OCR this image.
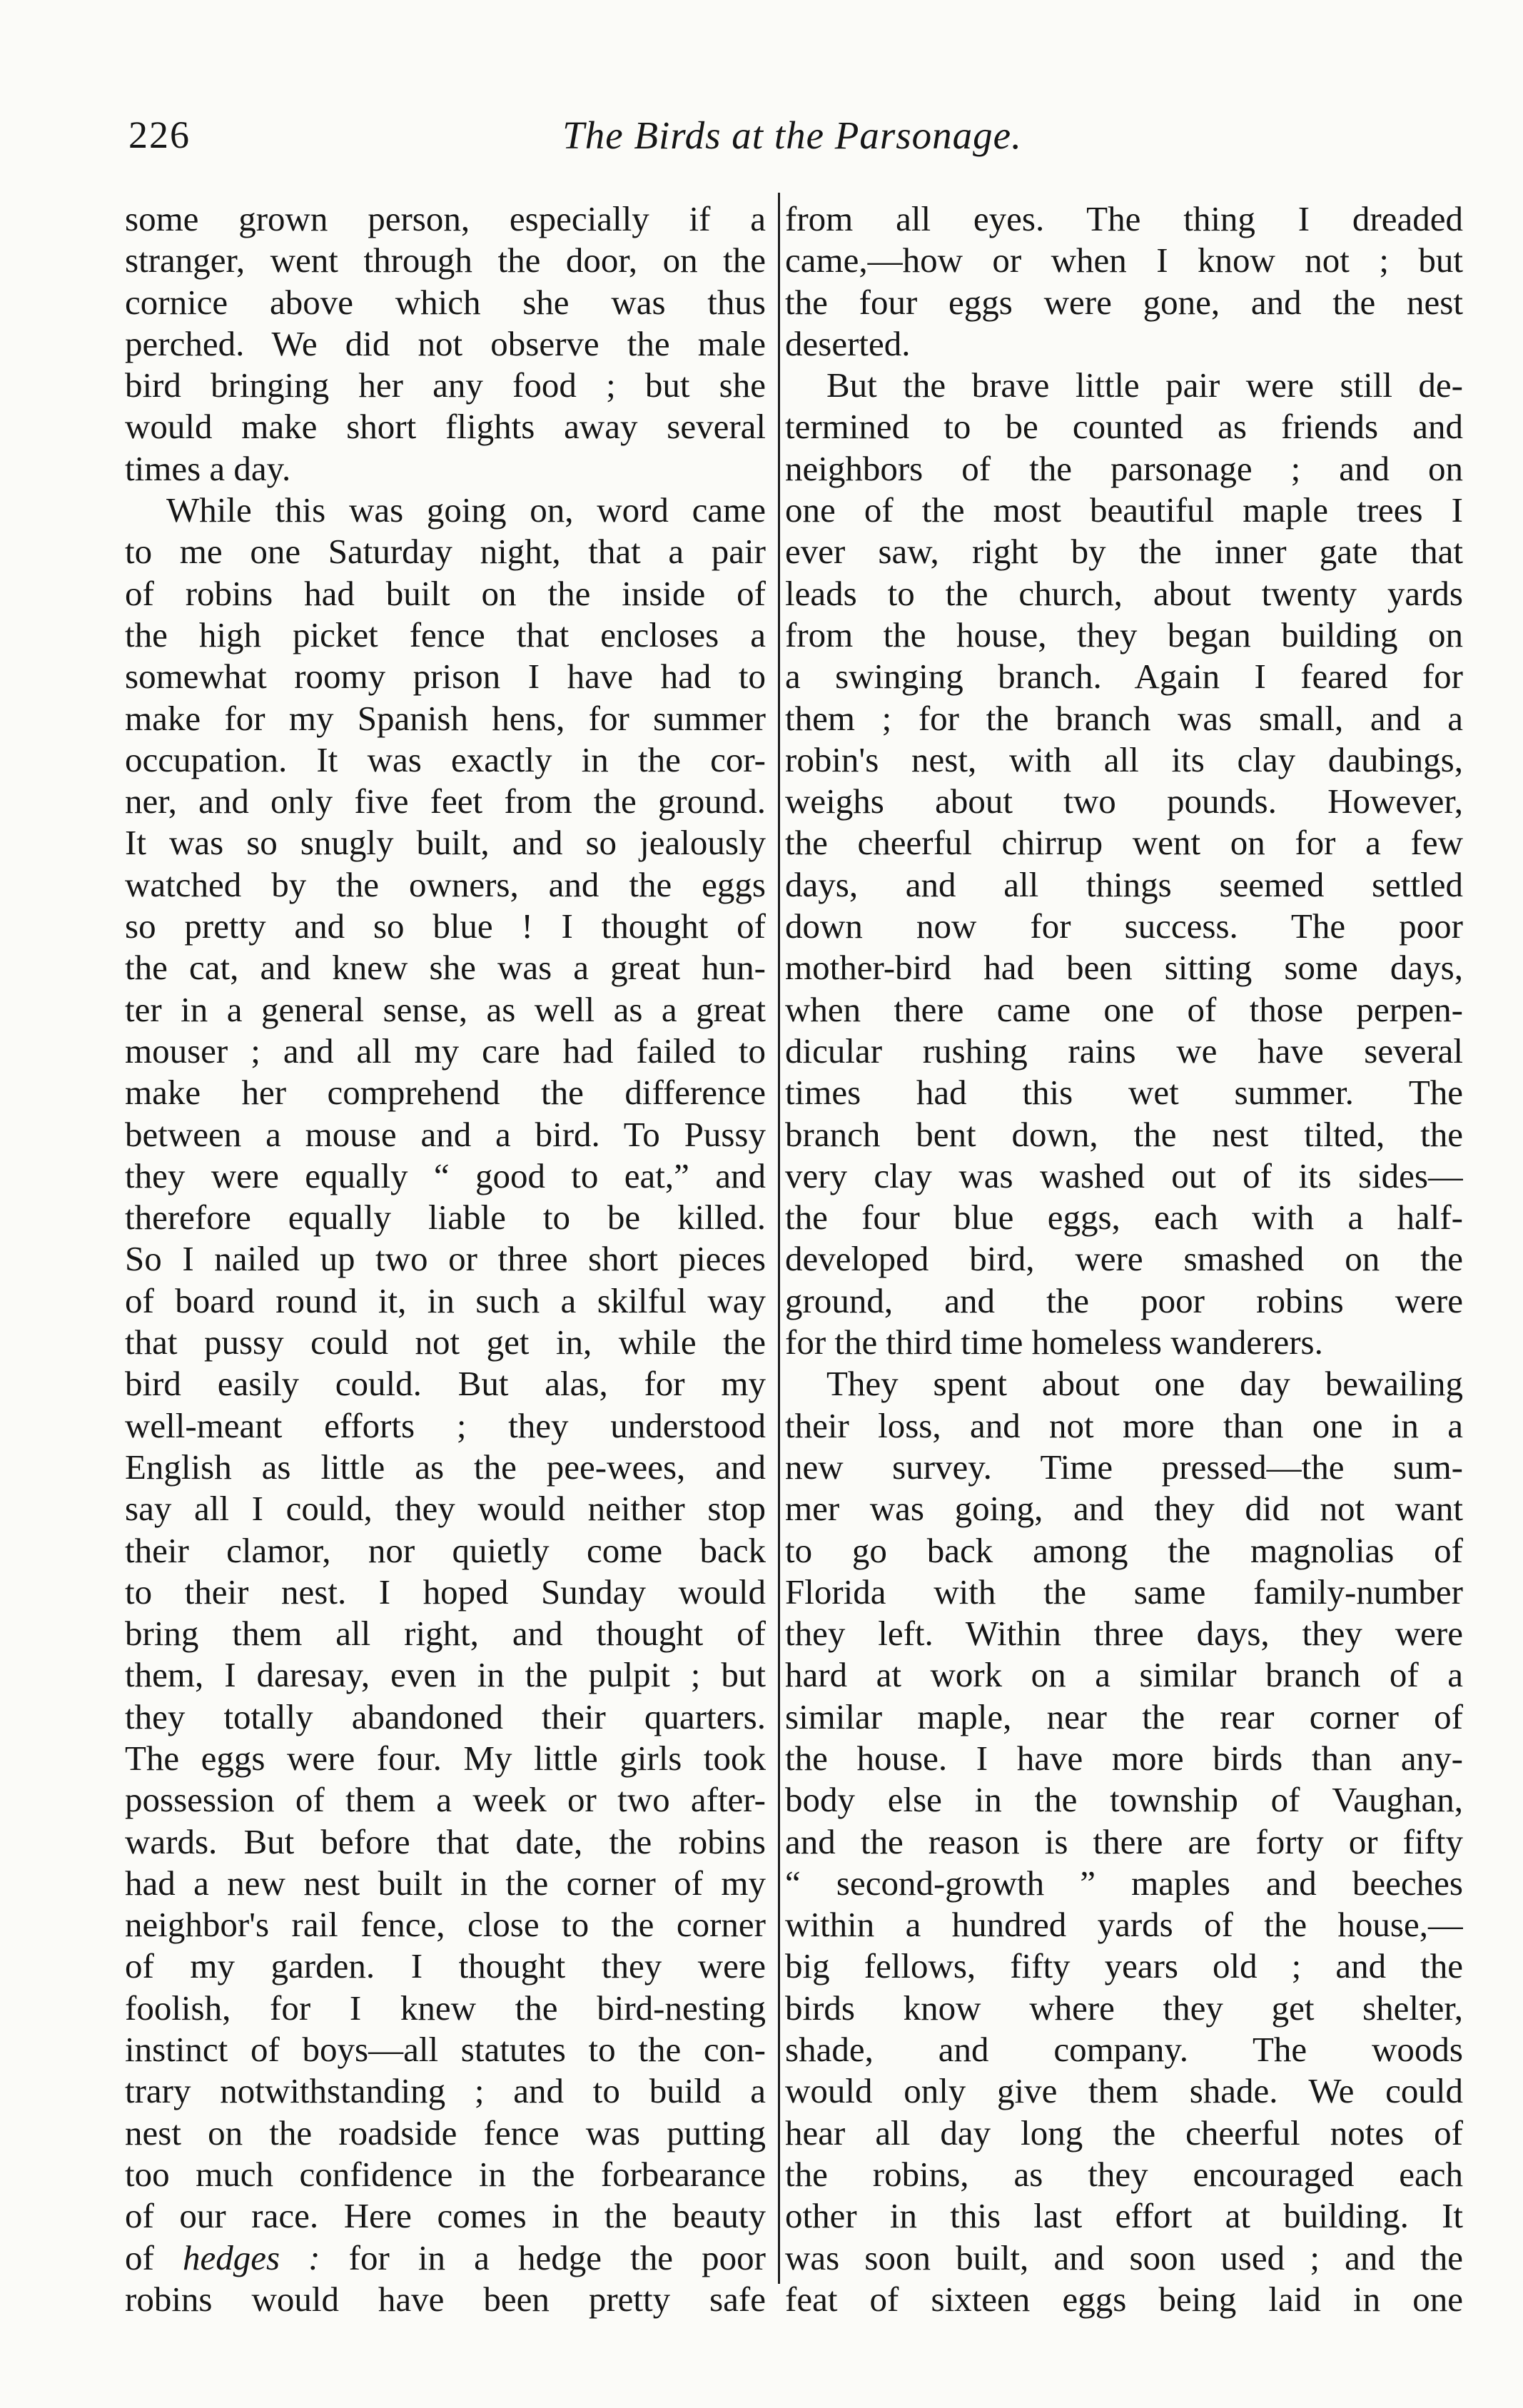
226	The Birds at the Parsonage.
some grown person, especially if a
stranger, went through the door, on the
cornice above which she was thus
perched. We did not observe the male
bird bringing her any food ; but she
would make short flights away several
times a day.
While this was going on, word came
to me one Saturday night, that a pair
of robins had built on the inside of
the high picket fence that encloses a
somewhat roomy prison I have had to
make for my Spanish hens, for summer
occupation. It was exactly in the cor-
ner, and only five feet from the ground.
It was so snugly built, and so jealously
watched by the owners, and the eggs
so pretty and so blue ! I thought of
the cat, and knew she was a great hun-
ter in a general sense, as well as a great
mouser ; and all my care had failed to
make her comprehend the difference
between a mouse and a bird. To Pussy
they were equally “ good to eat,” and
therefore equally liable to be killed.
So I nailed up two or three short pieces
of board round it, in such a skilful way
that pussy could not get in, while the
bird easily could. But alas, for my
well-meant efforts ; they understood
English as little as the pee-wees, and
say all I could, they would neither stop
their clamor, nor quietly come back
to their nest. I hoped Sunday would
bring them all right, and thought of
them, I daresay, even in the pulpit ; but
they totally abandoned their quarters.
The eggs were four. My little girls took
possession of them a week or two after-
wards. But before that date, the robins
had a new nest built in the corner of my
neighbor's rail fence, close to the corner
of my garden. I thought they were
foolish, for I knew the bird-nesting
instinct of boys—all statutes to the con-
trary notwithstanding ; and to build a
nest on the roadside fence was putting
too much confidence in the forbearance
of our race. Here comes in the beauty
of hedges : for in a hedge the poor
robins would have been pretty safe
from all eyes. The thing I dreaded
came,—how or when I know not ; but
the four eggs were gone, and the nest
deserted.
But the brave little pair were still de-
termined to be counted as friends and
neighbors of the parsonage ; and on
one of the most beautiful maple trees I
ever saw, right by the inner gate that
leads to the church, about twenty yards
from the house, they began building on
a swinging branch. Again I feared for
them ; for the branch was small, and a
robin's nest, with all its clay daubings,
weighs about two pounds. However,
the cheerful chirrup went on for a few
days, and all things seemed settled
down now for success. The poor
mother-bird had been sitting some days,
when there came one of those perpen-
dicular rushing rains we have several
times had this wet summer. The
branch bent down, the nest tilted, the
very clay was washed out of its sides—
the four blue eggs, each with a half-
developed bird, were smashed on the
ground, and the poor robins were
for the third time homeless wanderers.
They spent about one day bewailing
their loss, and not more than one in a
new survey. Time pressed—the sum-
mer was going, and they did not want
to go back among the magnolias of
Florida with the same family-number
they left. Within three days, they were
hard at work on a similar branch of a
similar maple, near the rear corner of
the house. I have more birds than any-
body else in the township of Vaughan,
and the reason is there are forty or fifty
“ second-growth ” maples and beeches
within a hundred yards of the house,—
big fellows, fifty years old ; and the
birds know where they get shelter,
shade, and company. The woods
would only give them shade. We could
hear all day long the cheerful notes of
the robins, as they encouraged each
other in this last effort at building. It
was soon built, and soon used ; and the
feat of sixteen eggs being laid in one
